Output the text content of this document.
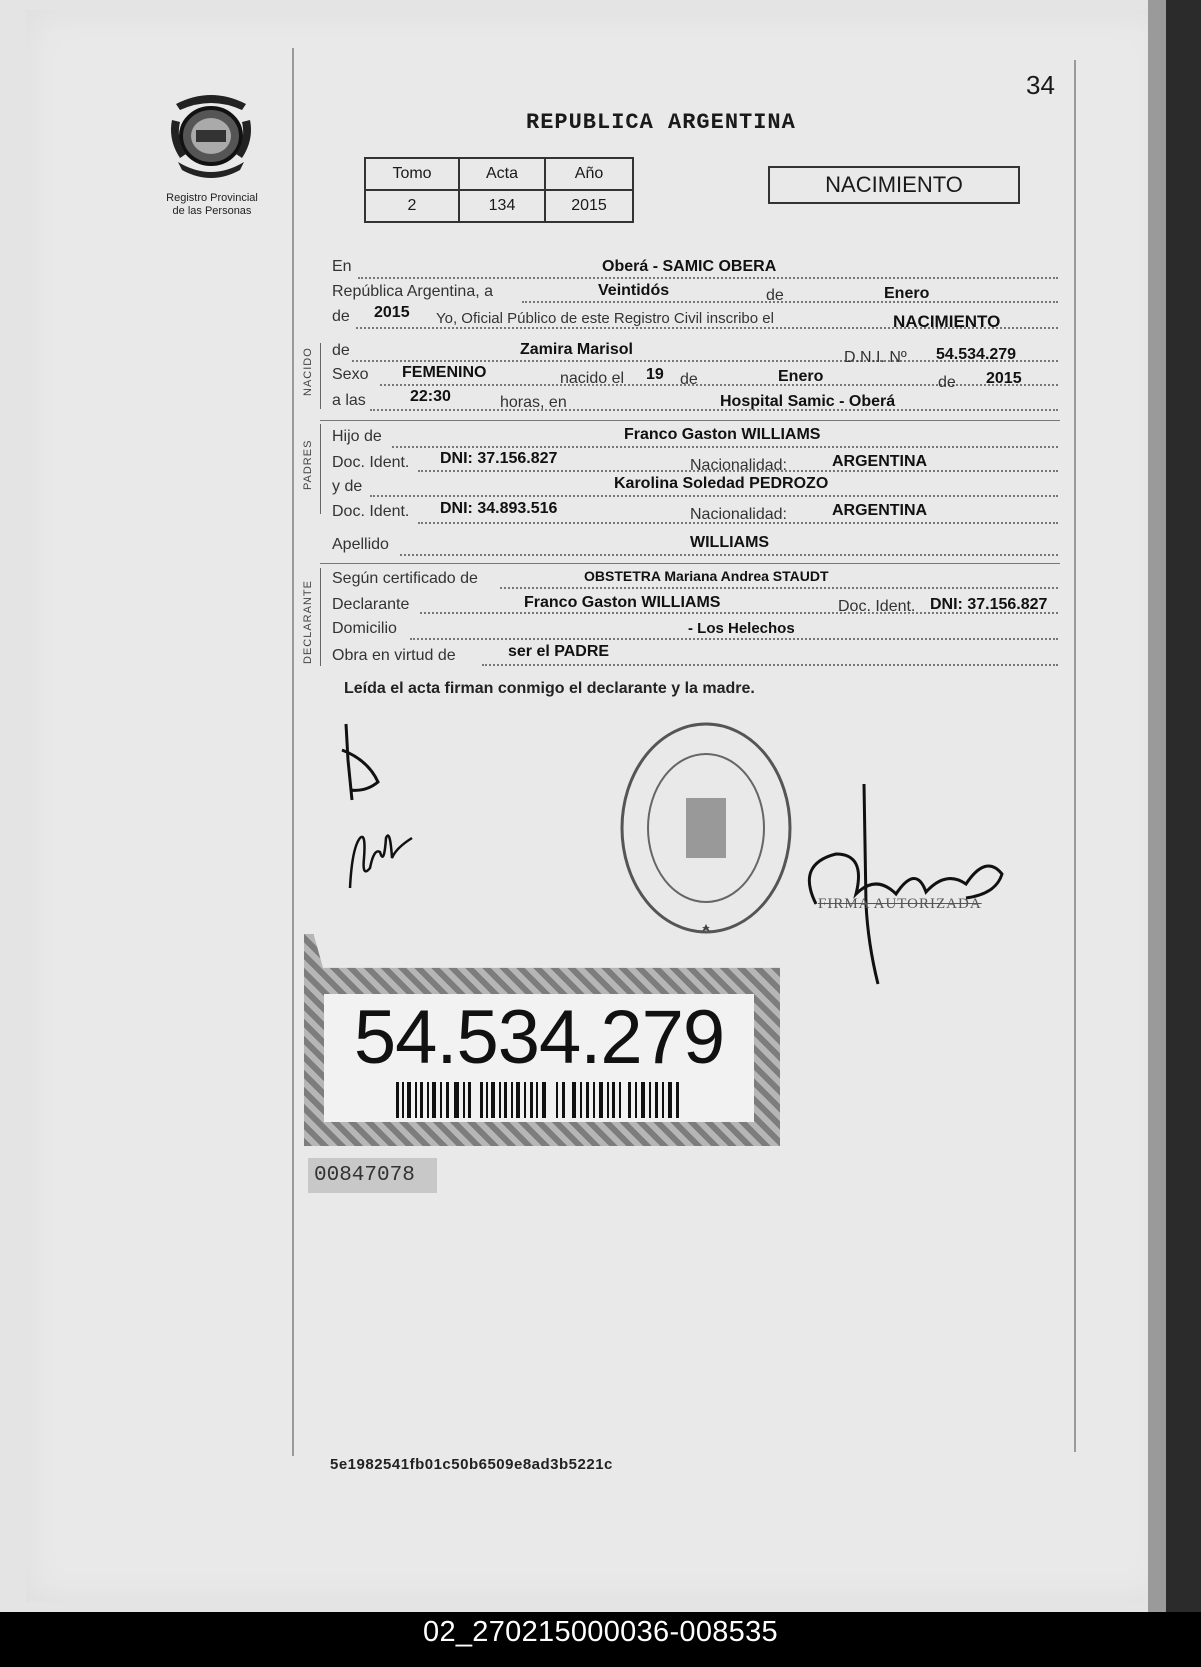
Registro Provincial
de las Personas
34
REPUBLICA ARGENTINA
Tomo	Acta	Año
2	134	2015
NACIMIENTO
En	Oberá - SAMIC OBERA
República Argentina, a	Veintidós	de	Enero
de 2015 Yo, Oficial Público de este Registro Civil inscribo el	NACIMIENTO
NACIDO de	Zamira Marisol	D.N.I. Nº 54.534.279
Sexo FEMENINO	nacido el 19 de	Enero	de 2015
a las	22:30	horas, en	Hospital Samic - Oberá
PADRES
Hijo de	Franco Gaston WILLIAMS
Doc. Ident. DNI: 37.156.827	Nacionalidad:	ARGENTINA
y de	Karolina Soledad PEDROZO
Doc. Ident. DNI: 34.893.516	Nacionalidad:	ARGENTINA
Apellido	WILLIAMS
DECLARANTE
Según certificado de	OBSTETRA Mariana Andrea STAUDT
Declarante	Franco Gaston WILLIAMS	Doc. Ident. DNI: 37.156.827
Domicilio	- Los Helechos
Obra en virtud de	ser el PADRE
Leída el acta firman conmigo el declarante y la madre.
FIRMA AUTORIZADA
54.534.279
00847078
5e1982541fb01c50b6509e8ad3b5221c
02_270215000036-008535
